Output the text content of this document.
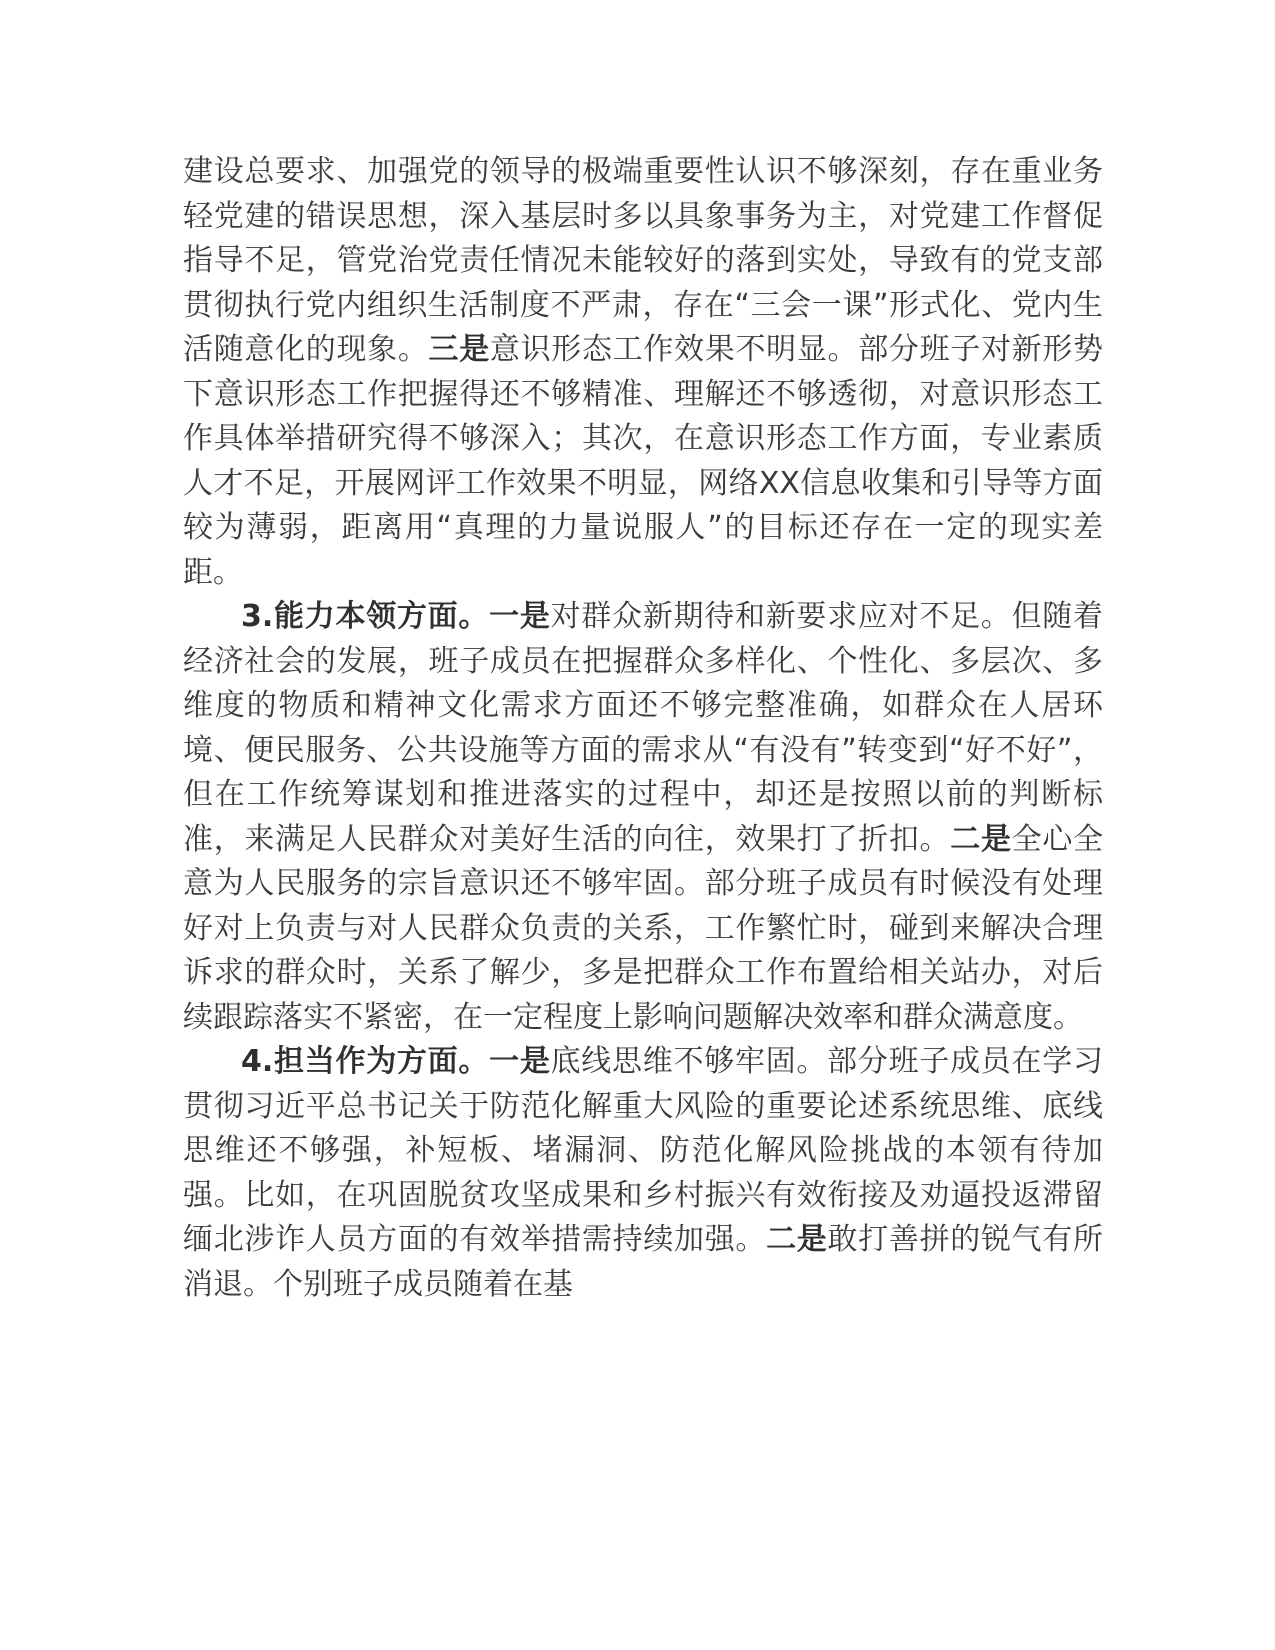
建设总要求、加强党的领导的极端重要性认识不够深刻，存在重业务轻党建的错误思想，深入基层时多以具象事务为主，对党建工作督促指导不足，管党治党责任情况未能较好的落到实处，导致有的党支部贯彻执行党内组织生活制度不严肃，存在“三会一课”形式化、党内生活随意化的现象。三是意识形态工作效果不明显。部分班子对新形势下意识形态工作把握得还不够精准、理解还不够透彻，对意识形态工作具体举措研究得不够深入；其次，在意识形态工作方面，专业素质人才不足，开展网评工作效果不明显，网络XX信息收集和引导等方面较为薄弱，距离用“真理的力量说服人”的目标还存在一定的现实差距。

3.能力本领方面。一是对群众新期待和新要求应对不足。但随着经济社会的发展，班子成员在把握群众多样化、个性化、多层次、多维度的物质和精神文化需求方面还不够完整准确，如群众在人居环境、便民服务、公共设施等方面的需求从“有没有”转变到“好不好”，但在工作统筹谋划和推进落实的过程中，却还是按照以前的判断标准，来满足人民群众对美好生活的向往，效果打了折扣。二是全心全意为人民服务的宗旨意识还不够牢固。部分班子成员有时候没有处理好对上负责与对人民群众负责的关系，工作繁忙时，碰到来解决合理诉求的群众时，关系了解少，多是把群众工作布置给相关站办，对后续跟踪落实不紧密，在一定程度上影响问题解决效率和群众满意度。

4.担当作为方面。一是底线思维不够牢固。部分班子成员在学习贯彻习近平总书记关于防范化解重大风险的重要论述系统思维、底线思维还不够强，补短板、堵漏洞、防范化解风险挑战的本领有待加强。比如，在巩固脱贫攻坚成果和乡村振兴有效衔接及劝逼投返滞留缅北涉诈人员方面的有效举措需持续加强。二是敢打善拼的锐气有所消退。个别班子成员随着在基
